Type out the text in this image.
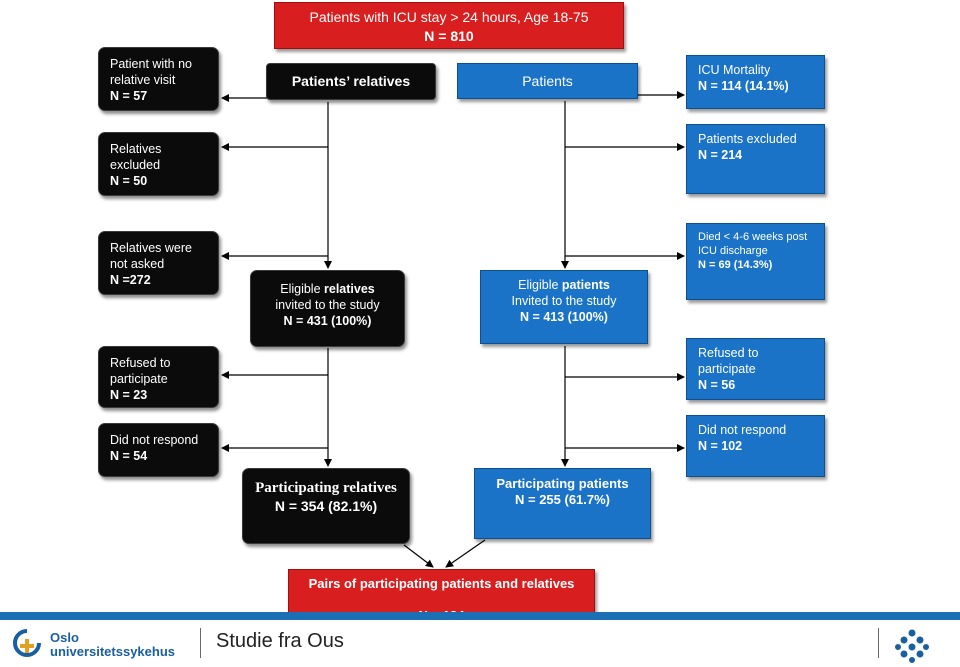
Patients with ICU stay > 24 hours, Age 18-75
N = 810
Patients’ relatives	Patients
Patient with no
relative visit
N = 57
Relatives
excluded
N = 50
Relatives were
not asked
N =272
Refused to
participate
N = 23
Did not respond
N = 54
ICU Mortality
N = 114 (14.1%)
Patients excluded
N = 214
Died < 4-6 weeks post
ICU discharge
N = 69 (14.3%)
Refused to
participate
N = 56
Did not respond
N = 102
Eligible relatives
invited to the study
N = 431 (100%)
Eligible patients
Invited to the study
N = 413 (100%)
Participating relatives
N = 354 (82.1%)
Participating patients
N = 255 (61.7%)
Pairs of participating patients and relatives
Oslo
universitetssykehus Studie fra Ous
